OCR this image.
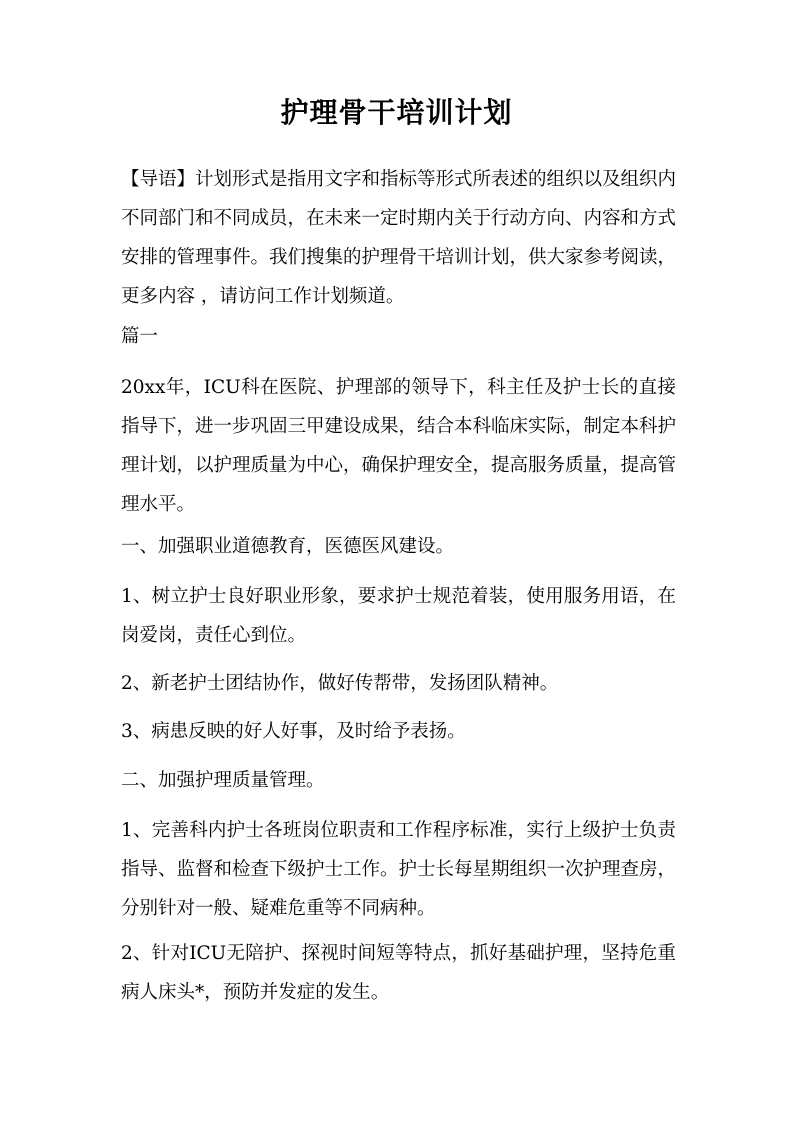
护理骨干培训计划
【导语】计划形式是指用文字和指标等形式所表述的组织以及组织内不同部门和不同成员，在未来一定时期内关于行动方向、内容和方式安排的管理事件。我们搜集的护理骨干培训计划，供大家参考阅读，更多内容 ，请访问工作计划频道。
篇一
20xx年，ICU科在医院、护理部的领导下，科主任及护士长的直接指导下，进一步巩固三甲建设成果，结合本科临床实际，制定本科护理计划，以护理质量为中心，确保护理安全，提高服务质量，提高管理水平。
一、加强职业道德教育，医德医风建设。
1、树立护士良好职业形象，要求护士规范着装，使用服务用语，在岗爱岗，责任心到位。
2、新老护士团结协作，做好传帮带，发扬团队精神。
3、病患反映的好人好事，及时给予表扬。
二、加强护理质量管理。
1、完善科内护士各班岗位职责和工作程序标准，实行上级护士负责指导、监督和检查下级护士工作。护士长每星期组织一次护理查房，分别针对一般、疑难危重等不同病种。
2、针对ICU无陪护、探视时间短等特点，抓好基础护理，坚持危重病人床头*，预防并发症的发生。
